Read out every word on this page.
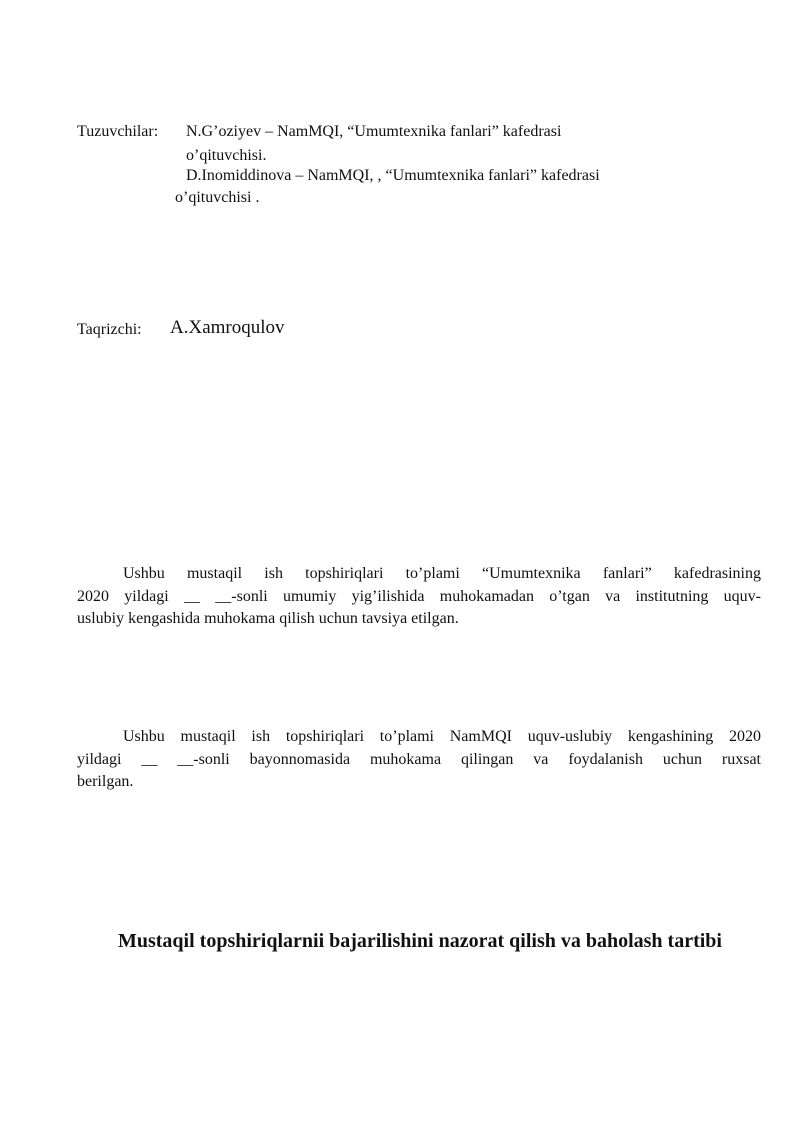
Tuzuvchilar: N.G’oziyev – NamMQI, “Umumtexnika fanlari” kafedrasi
o’qituvchisi.
D.Inomiddinova – NamMQI, , “Umumtexnika fanlari” kafedrasi
o’qituvchisi .
Taqrizchi: A.Xamroqulov
Ushbu mustaqil ish topshiriqlari to’plami “Umumtexnika fanlari” kafedrasining
2020 yildagi __ __-sonli umumiy yig’ilishida muhokamadan o’tgan va institutning uquv-
uslubiy kengashida muhokama qilish uchun tavsiya etilgan.
Ushbu mustaqil ish topshiriqlari to’plami NamMQI uquv-uslubiy kengashining 2020
yildagi __ __-sonli bayonnomasida muhokama qilingan va foydalanish uchun ruxsat
berilgan.
Mustaqil topshiriqlarnii bajarilishini nazorat qilish va baholash tartibi
